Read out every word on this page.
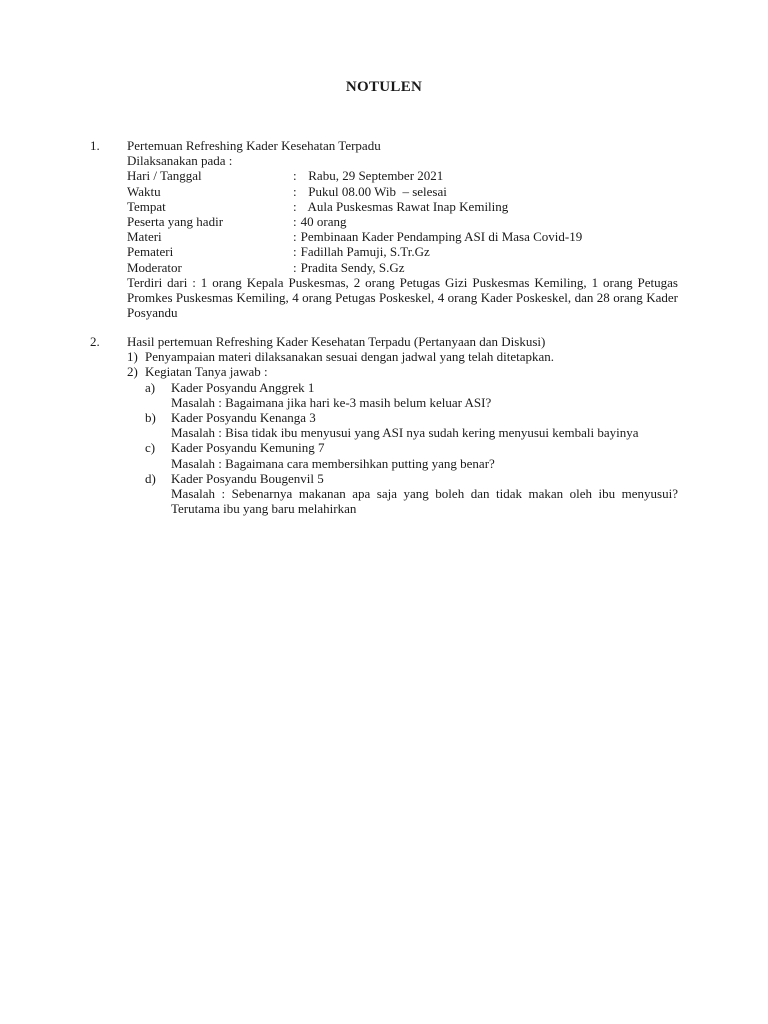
NOTULEN
1. Pertemuan Refreshing Kader Kesehatan Terpadu
Dilaksanakan pada :
Hari / Tanggal	: Rabu, 29 September 2021
Waktu	: Pukul 08.00 Wib  – selesai
Tempat	: Aula Puskesmas Rawat Inap Kemiling
Peserta yang hadir	: 40 orang
Materi	: Pembinaan Kader Pendamping ASI di Masa Covid-19
Pemateri	: Fadillah Pamuji, S.Tr.Gz
Moderator	: Pradita Sendy, S.Gz
Terdiri dari : 1 orang Kepala Puskesmas, 2 orang Petugas Gizi Puskesmas Kemiling, 1 orang Petugas Promkes Puskesmas Kemiling, 4 orang Petugas Poskeskel, 4 orang Kader Poskeskel, dan 28 orang Kader Posyandu
2. Hasil pertemuan Refreshing Kader Kesehatan Terpadu (Pertanyaan dan Diskusi)
1) Penyampaian materi dilaksanakan sesuai dengan jadwal yang telah ditetapkan.
2) Kegiatan Tanya jawab :
a)	Kader Posyandu Anggrek 1
Masalah : Bagaimana jika hari ke-3 masih belum keluar ASI?
b)	Kader Posyandu Kenanga 3
Masalah : Bisa tidak ibu menyusui yang ASI nya sudah kering menyusui kembali bayinya
c)	Kader Posyandu Kemuning 7
Masalah : Bagaimana cara membersihkan putting yang benar?
d)	Kader Posyandu Bougenvil 5
Masalah : Sebenarnya makanan apa saja yang boleh dan tidak makan oleh ibu menyusui? Terutama ibu yang baru melahirkan
